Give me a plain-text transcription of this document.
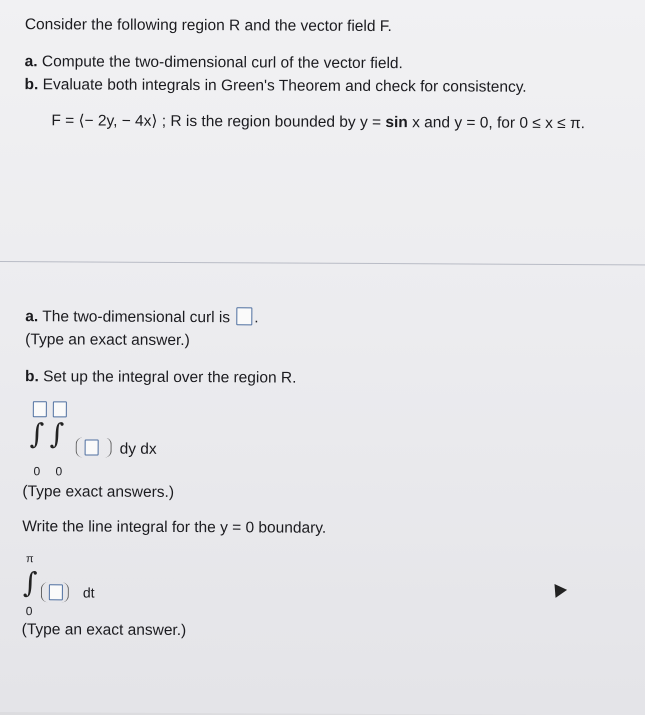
Consider the following region R and the vector field F.
a. Compute the two-dimensional curl of the vector field.
b. Evaluate both integrals in Green's Theorem and check for consistency.
F = ⟨− 2y, − 4x⟩ ; R is the region bounded by y = sin x and y = 0, for 0 ≤ x ≤ π.
a. The two-dimensional curl is .
(Type an exact answer.)
b. Set up the integral over the region R.
∫ ∫	dy dx
0 0
(Type exact answers.)
Write the line integral for the y = 0 boundary.
π
∫	dt
0
(Type an exact answer.)
